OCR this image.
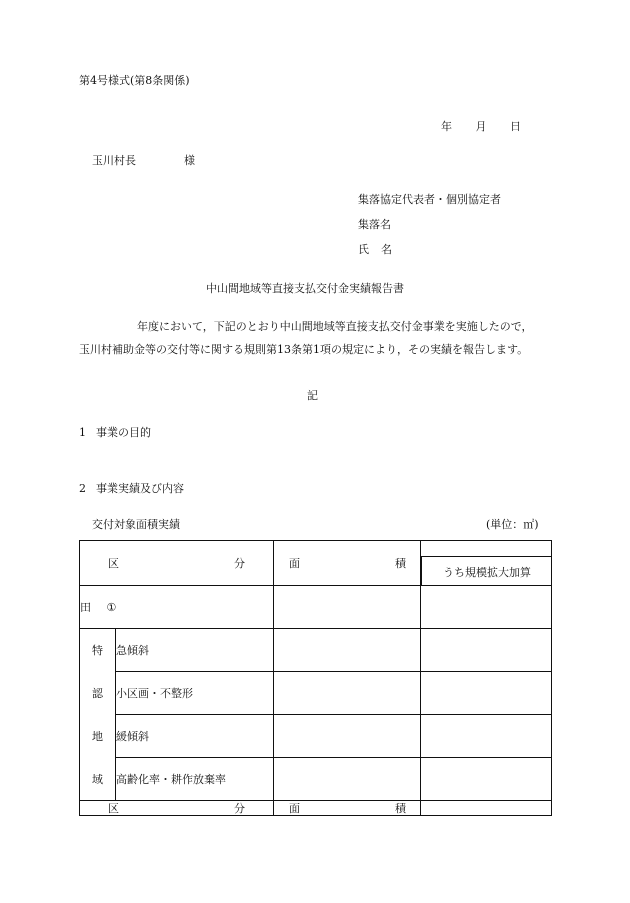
第4号様式(第8条関係)
年 月 日
玉川村長	様
集落協定代表者・個別協定者
集落名
氏 名
中山間地域等直接支払交付金実績報告書
年度において，下記のとおり中山間地域等直接支払交付金事業を実施したので，
玉川村補助金等の交付等に関する規則第13条第1項の規定により，その実績を報告します。
記
1 事業の目的
2 事業実績及び内容
交付対象面積実績	(単位：㎡)
区 分		面 積	うち規模拡大加算

田 ①			
特	急傾斜		
認	小区画・不整形		
地	緩傾斜		
域	高齢化率・耕作放棄率		

区 分		面 積	
